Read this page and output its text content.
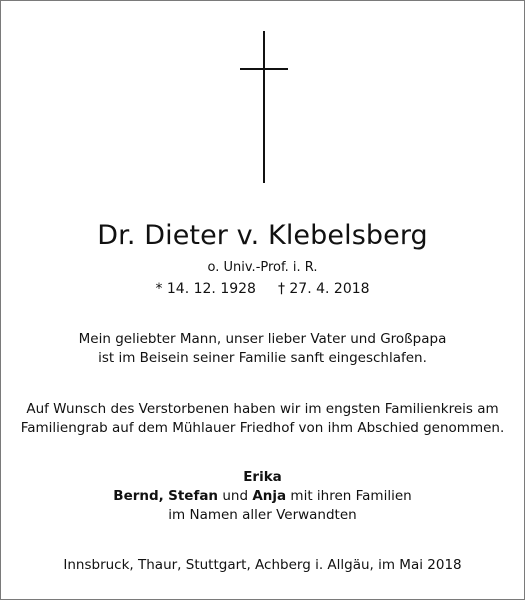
Dr. Dieter v. Klebelsberg
o. Univ.-Prof. i. R.
* 14. 12. 1928 † 27. 4. 2018
Mein geliebter Mann, unser lieber Vater und Großpapa
ist im Beisein seiner Familie sanft eingeschlafen.
Auf Wunsch des Verstorbenen haben wir im engsten Familienkreis am
Familiengrab auf dem Mühlauer Friedhof von ihm Abschied genommen.
Erika
Bernd, Stefan und Anja mit ihren Familien
im Namen aller Verwandten
Innsbruck, Thaur, Stuttgart, Achberg i. Allgäu, im Mai 2018
